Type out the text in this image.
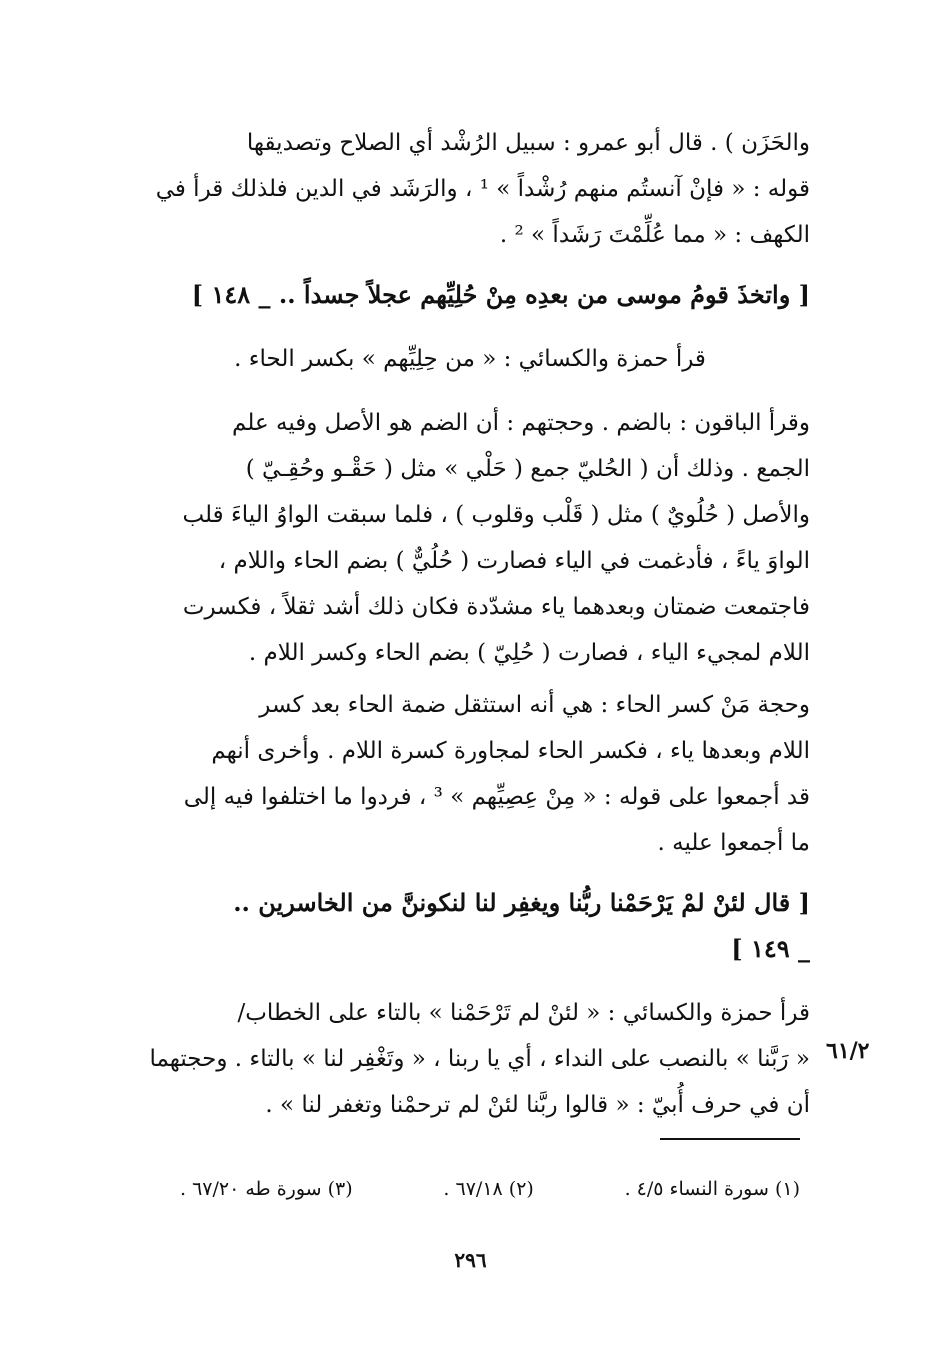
والحَزَن ) . قال أبو عمرو : سبيل الرُشْد أي الصلاح وتصديقها
قوله : « فإنْ آنستُم منهم رُشْداً » ¹ ، والرَشَد في الدين فلذلك قرأ في
الكهف : « مما عُلِّمْتَ رَشَداً » ² .
[ واتخذَ قومُ موسى من بعدِه مِنْ حُلِيِّهم عجلاً جسداً .. _ ١٤٨ ]
قرأ حمزة والكسائي : « من حِلِيِّهم » بكسر الحاء .
وقرأ الباقون : بالضم . وحجتهم : أن الضم هو الأصل وفيه علم
الجمع . وذلك أن ( الحُليّ جمع ( حَلْي » مثل ( حَقْـو وحُقِـيّ )
والأصل ( حُلُويٌ ) مثل ( قَلْب وقلوب ) ، فلما سبقت الواوُ الياءَ قلب
الواوَ ياءً ، فأدغمت في الياء فصارت ( حُلُيٌّ ) بضم الحاء واللام ،
فاجتمعت ضمتان وبعدهما ياء مشدّدة فكان ذلك أشد ثقلاً ، فكسرت
اللام لمجيء الياء ، فصارت ( حُلِيّ ) بضم الحاء وكسر اللام .
وحجة مَنْ كسر الحاء : هي أنه استثقل ضمة الحاء بعد كسر
اللام وبعدها ياء ، فكسر الحاء لمجاورة كسرة اللام . وأخرى أنهم
قد أجمعوا على قوله : « مِنْ عِصِيِّهم » ³ ، فردوا ما اختلفوا فيه إلى
ما أجمعوا عليه .
[ قال لئنْ لمْ يَرْحَمْنا ربُّنا ويغفِر لنا لنكوننَّ من الخاسرين ..
_ ١٤٩ ]
قرأ حمزة والكسائي : « لئنْ لم تَرْحَمْنا » بالتاء على الخطاب/
« رَبَّنا » بالنصب على النداء ، أي يا ربنا ، « وتَغْفِر لنا » بالتاء . وحجتهما
أن في حرف أُبيّ : « قالوا ربَّنا لئنْ لم ترحمْنا وتغفر لنا » .
٦١/٢
(١) سورة النساء ٤/٥ .
(٢) ٦٧/١٨ .
(٣) سورة طه ٦٧/٢٠ .
٢٩٦
